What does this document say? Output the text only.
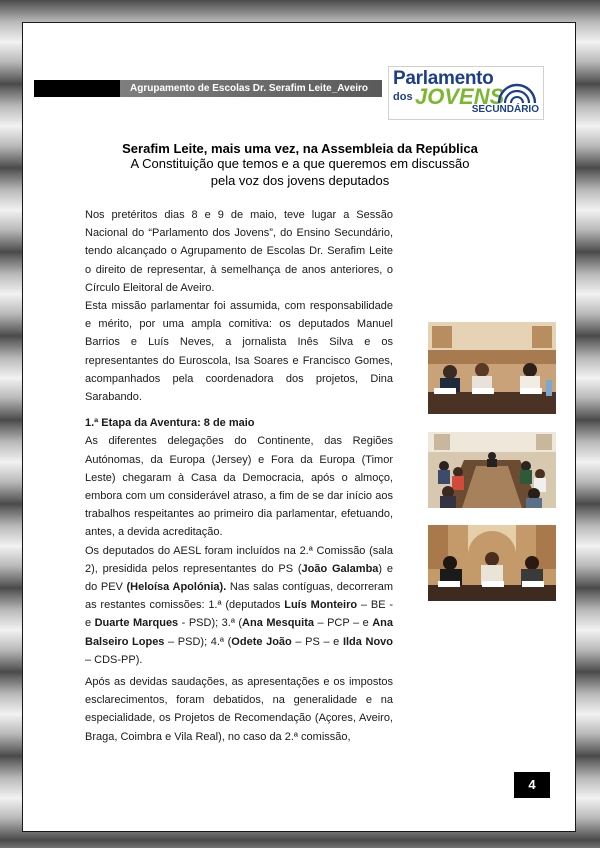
Agrupamento de Escolas Dr. Serafim Leite_Aveiro Parlamento
dos JOVENS
SECUNDÁRIO
Serafim Leite, mais uma vez, na Assembleia da República
A Constituição que temos e a que queremos em discussão
pela voz dos jovens deputados

Nos pretéritos dias 8 e 9 de maio, teve lugar a Sessão Nacional do “Parlamento dos Jovens”, do Ensino Secundário, tendo alcançado o Agrupamento de Escolas Dr. Serafim Leite o direito de representar, à semelhança de anos anteriores, o Círculo Eleitoral de Aveiro.

Esta missão parlamentar foi assumida, com responsabilidade e mérito, por uma ampla comitiva: os deputados Manuel Barrios e Luís Neves, a jornalista Inês Silva e os representantes do Euroscola, Isa Soares e Francisco Gomes, acompanhados pela coordenadora dos projetos, Dina Sarabando.

1.ª Etapa da Aventura: 8 de maio

As diferentes delegações do Continente, das Regiões Autónomas, da Europa (Jersey) e Fora da Europa (Timor Leste) chegaram à Casa da Democracia, após o almoço, embora com um considerável atraso, a fim de se dar início aos trabalhos respeitantes ao primeiro dia parlamentar, efetuando, antes, a devida acreditação.

Os deputados do AESL foram incluídos na 2.ª Comissão (sala 2), presidida pelos representantes do PS (João Galamba) e do PEV (Heloísa Apolónia). Nas salas contíguas, decorreram as restantes comissões: 1.ª (deputados Luís Monteiro – BE - e Duarte Marques - PSD); 3.ª (Ana Mesquita – PCP – e Ana Balseiro Lopes – PSD); 4.ª (Odete João – PS – e Ilda Novo – CDS-PP).

Após as devidas saudações, as apresentações e os impostos esclarecimentos, foram debatidos, na generalidade e na especialidade, os Projetos de Recomendação (Açores, Aveiro, Braga, Coimbra e Vila Real), no caso da 2.ª comissão,

4
